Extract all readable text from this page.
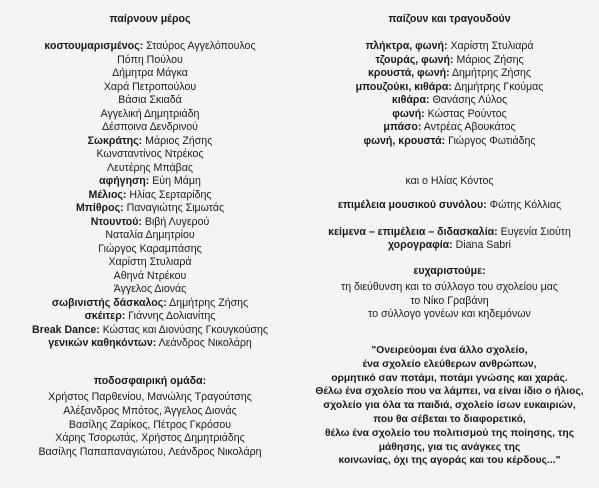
παίρνουν μέρος
κοστουμαρισμένος: Σταύρος Αγγελόπουλος
Πόπη Πούλου
Δήμητρα Μάγκα
Χαρά Πετροπούλου
Βάσια Σκιαδά
Αγγελική Δημητριάδη
Δέσποινα Δενδρινού
Σωκράτης: Μάριος Ζήσης
Κωνσταντίνος Ντρέκος
Λευτέρης Μπάβας
αφήγηση: Εύη Μάμη
Μέλιος: Ηλίας Σερταρίδης
Μπίθρος: Παναγιώτης Σιμωτάς
Ντουντού: Βιβή Λυγερού
Ναταλία Δημητρίου
Γιώργος Καραμπάσης
Χαρίστη Στυλιαρά
Αθηνά Ντρέκου
Άγγελος Διονάς
σωβινιστής δάσκαλος: Δημήτρης Ζήσης
σκέιτερ: Γιάννης Δολιανίτης
Break Dance: Κώστας και Διονύσης Γκουγκούσης
γενικών καθηκόντων: Λεάνδρος Νικολάρη
ποδοσφαιρική ομάδα:
Χρήστος Παρθενίου, Μανώλης Τραγούτσης
Αλέξανδρος Μπότος, Άγγελος Διονάς
Βασίλης Ζαρίκος, Πέτρος Γκρόσου
Χάρης Τσορωτάς, Χρήστος Δημητριάδης
Βασίλης Παπαπαναγιώτου, Λεάνδρος Νικολάρη
παίζουν και τραγουδούν
πλήκτρα, φωνή: Χαρίστη Στυλιαρά
τζουράς, φωνή: Μάριος Ζήσης
κρουστά, φωνή: Δημήτρης Ζήσης
μπουζούκι, κιθάρα: Δημήτρης Γκούμας
κιθάρα: Θανάσης Λύλος
φωνή: Κώστας Ρούντος
μπάσο: Αντρέας Αβουκάτος
φωνή, κρουστά: Γιώργος Φωτιάδης
και ο Ηλίας Κόντος
επιμέλεια μουσικού συνόλου: Φώτης Κόλλιας
κείμενα – επιμέλεια – διδασκαλία: Ευγενία Σιούτη
χορογραφία: Diana Sabri
ευχαριστούμε:
τη διεύθυνση και το σύλλογο του σχολείου μας
το Νίκο Γραβάνη
το σύλλογο γονέων και κηδεμόνων
"Ονειρεύομαι ένα άλλο σχολείο,
ένα σχολείο ελεύθερων ανθρώπων,
ορμητικό σαν ποτάμι, ποτάμι γνώσης και χαράς.
Θέλω ένα σχολείο που να λάμπει, να είναι ίδιο ο ήλιος,
σχολείο για όλα τα παιδιά, σχολείο ίσων ευκαιριών,
που θα σέβεται το διαφορετικό,
θέλω ένα σχολείο του πολιτισμού της ποίησης, της
μάθησης, για τις ανάγκες της
κοινωνίας, όχι της αγοράς και του κέρδους..."
